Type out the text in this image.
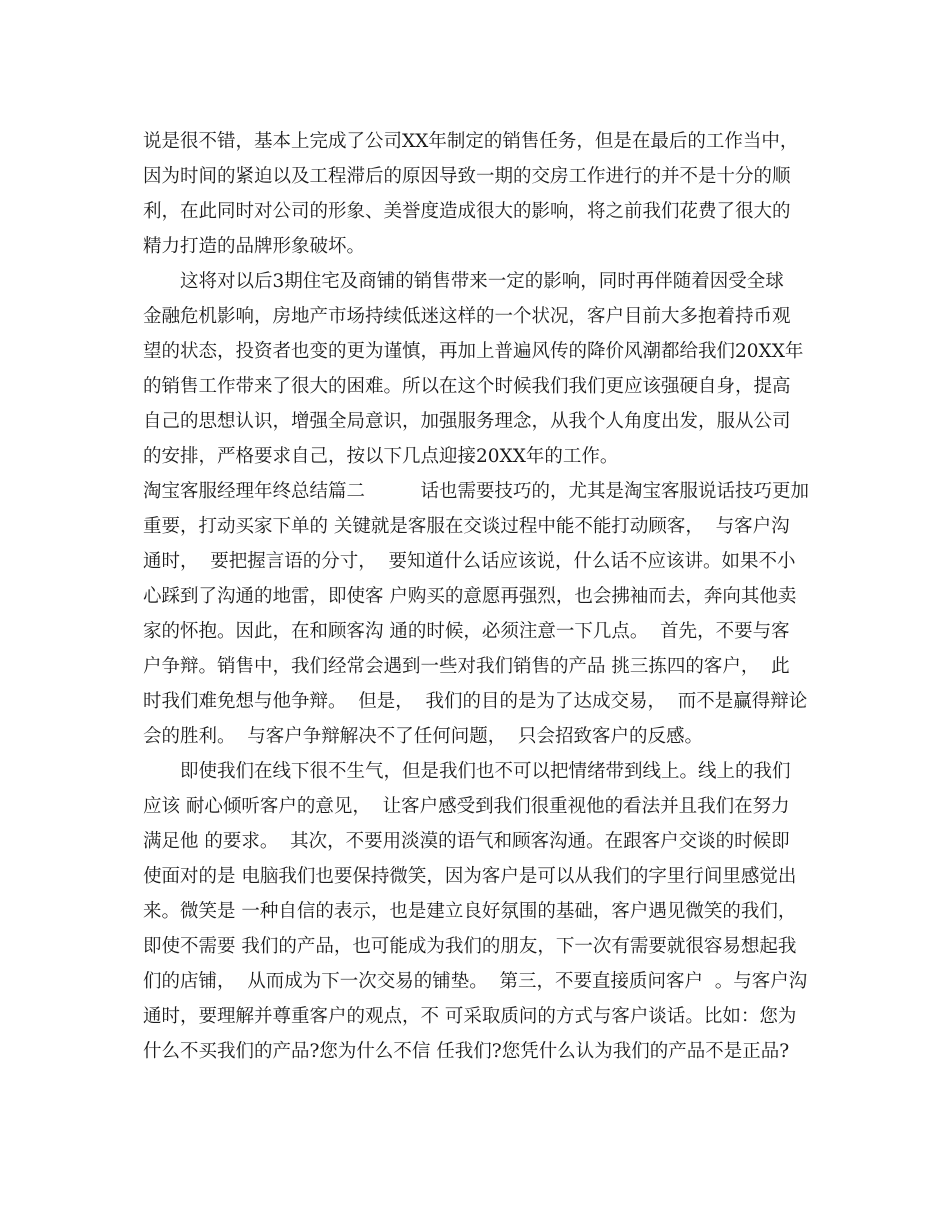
说是很不错，基本上完成了公司XX年制定的销售任务，但是在最后的工作当中，
因为时间的紧迫以及工程滞后的原因导致一期的交房工作进行的并不是十分的顺
利，在此同时对公司的形象、美誉度造成很大的影响，将之前我们花费了很大的
精力打造的品牌形象破坏。
　　这将对以后3期住宅及商铺的销售带来一定的影响，同时再伴随着因受全球
金融危机影响，房地产市场持续低迷这样的一个状况，客户目前大多抱着持币观
望的状态，投资者也变的更为谨慎，再加上普遍风传的降价风潮都给我们20XX年
的销售工作带来了很大的困难。所以在这个时候我们我们更应该强硬自身，提高
自己的思想认识，增强全局意识，加强服务理念，从我个人角度出发，服从公司
的安排，严格要求自己，按以下几点迎接20XX年的工作。
淘宝客服经理年终总结篇二　　　话也需要技巧的，尤其是淘宝客服说话技巧更加
重要，打动买家下单的 关键就是客服在交谈过程中能不能打动顾客，  与客户沟
通时，  要把握言语的分寸，  要知道什么话应该说，什么话不应该讲。如果不小
心踩到了沟通的地雷，即使客 户购买的意愿再强烈，也会拂袖而去，奔向其他卖
家的怀抱。因此，在和顾客沟 通的时候，必须注意一下几点。  首先，不要与客
户争辩。销售中，我们经常会遇到一些对我们销售的产品 挑三拣四的客户，  此
时我们难免想与他争辩。  但是，  我们的目的是为了达成交易，  而不是赢得辩论
会的胜利。  与客户争辩解决不了任何问题，  只会招致客户的反感。
　　即使我们在线下很不生气，但是我们也不可以把情绪带到线上。线上的我们
应该 耐心倾听客户的意见，  让客户感受到我们很重视他的看法并且我们在努力
满足他 的要求。  其次，不要用淡漠的语气和顾客沟通。在跟客户交谈的时候即
使面对的是 电脑我们也要保持微笑，因为客户是可以从我们的字里行间里感觉出
来。微笑是 一种自信的表示，也是建立良好氛围的基础，客户遇见微笑的我们，
即使不需要 我们的产品，也可能成为我们的朋友，下一次有需要就很容易想起我
们的店铺，  从而成为下一次交易的铺垫。  第三，不要直接质问客户  。与客户沟
通时，要理解并尊重客户的观点，不 可采取质问的方式与客户谈话。比如：您为
什么不买我们的产品?您为什么不信 任我们?您凭什么认为我们的产品不是正品?
